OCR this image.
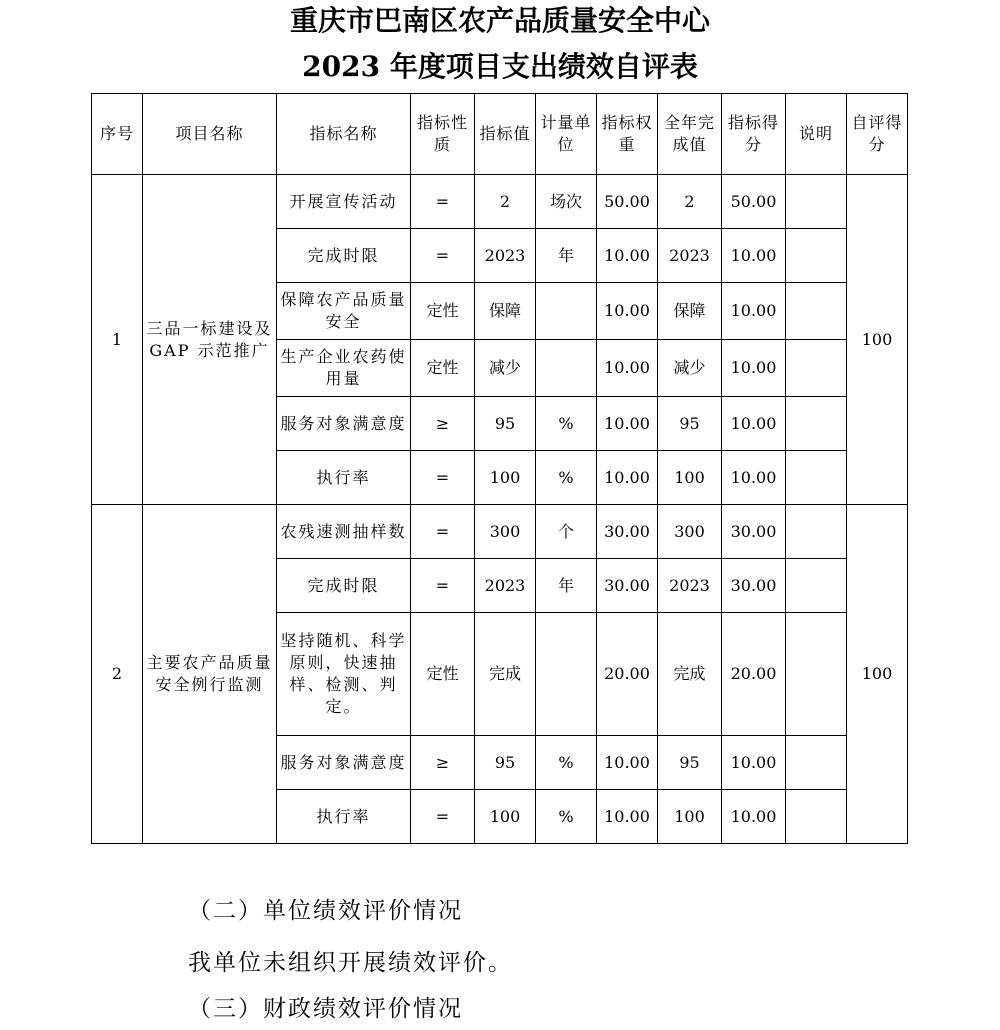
重庆市巴南区农产品质量安全中心
2023 年度项目支出绩效自评表
序号	项目名称	指标名称	指标性质	指标值	计量单位	指标权重	全年完成值	指标得分	说明	自评得分
1	三品一标建设及GAP 示范推广	开展宣传活动	=	2	场次	50.00	2	50.00		100
		完成时限	=	2023	年	10.00	2023	10.00		
		保障农产品质量安全	定性	保障		10.00	保障	10.00		
		生产企业农药使用量	定性	减少		10.00	减少	10.00		
		服务对象满意度	≥	95	%	10.00	95	10.00		
		执行率	=	100	%	10.00	100	10.00		
2	主要农产品质量安全例行监测	农残速测抽样数	=	300	个	30.00	300	30.00		100
		完成时限	=	2023	年	30.00	2023	30.00		
		坚持随机、科学原则，快速抽样、检测、判定。	定性	完成		20.00	完成	20.00		
		服务对象满意度	≥	95	%	10.00	95	10.00		
		执行率	=	100	%	10.00	100	10.00		

（二）单位绩效评价情况

我单位未组织开展绩效评价。

（三）财政绩效评价情况
